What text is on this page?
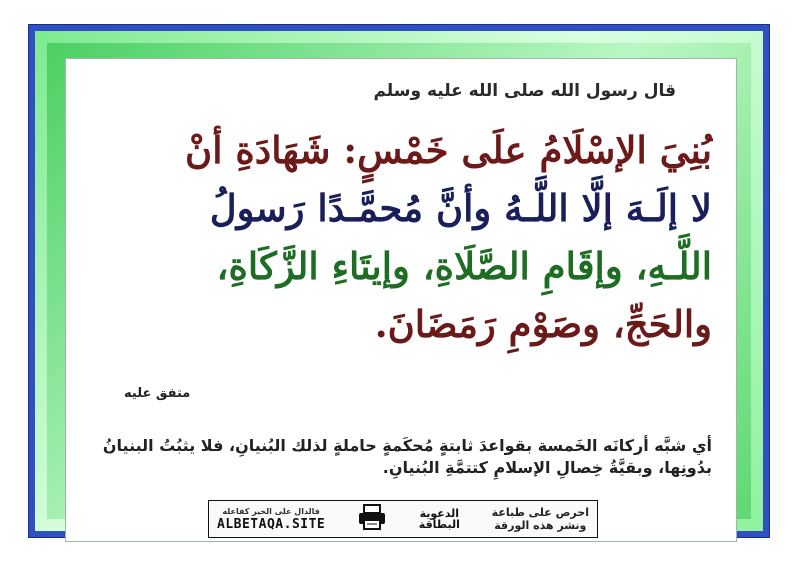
قال رسول الله صلى الله عليه وسلم
بُنِيَ الإسْلَامُ علَى خَمْسٍ: شَهَادَةِ أنْ
لا إلَـهَ إلَّا اللَّـهُ وأنَّ مُحمَّـدًا رَسولُ
اللَّـهِ، وإقَامِ الصَّلَاةِ، وإيتَاءِ الزَّكَاةِ،
والحَجِّ، وصَوْمِ رَمَضَانَ.
متفق عليه
أي شبَّه أركانَه الخَمسة بقواعدَ ثابتةٍ مُحكَمةٍ حاملةٍ لذلك البُنيانِ، فلا يثبُتُ البنيانُ بدُونِها، وبقيَّةُ خِصالِ الإسلامِ كتتمَّةِ البُنيانِ.
فالدال على الخير كفاعله
ALBETAQA.SITE
الدعوية
البطاقة
احرص على طباعة
ونشر هذه الورقة
